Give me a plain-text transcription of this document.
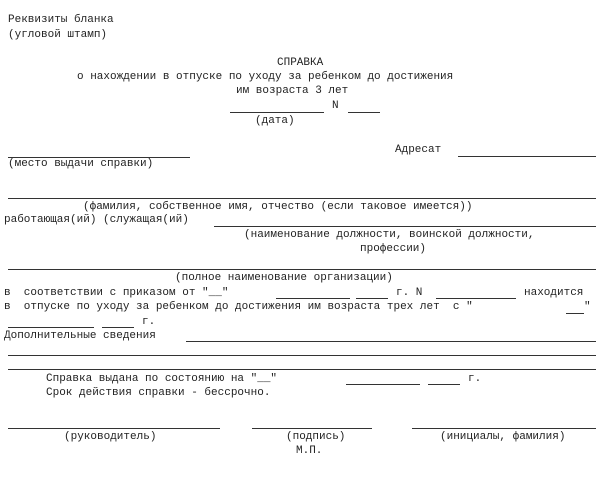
Реквизиты бланка
(угловой штамп)
СПРАВКА
о нахождении в отпуске по уходу за ребенком до достижения
им возраста 3 лет
N
(дата)
Адресат
(место выдачи справки)
(фамилия, собственное имя, отчество (если таковое имеется))
работающая(ий) (служащая(ий)
(наименование должности, воинской должности,
профессии)
(полное наименование организации)
в  соответствии с приказом от "__"	г. N	находится
в  отпуске по уходу за ребенком до достижения им возраста трех лет  с "	"
г.
Дополнительные сведения
Справка выдана по состоянию на "__"	г.
Срок действия справки - бессрочно.
(руководитель)	(подпись)	(инициалы, фамилия)
М.П.
